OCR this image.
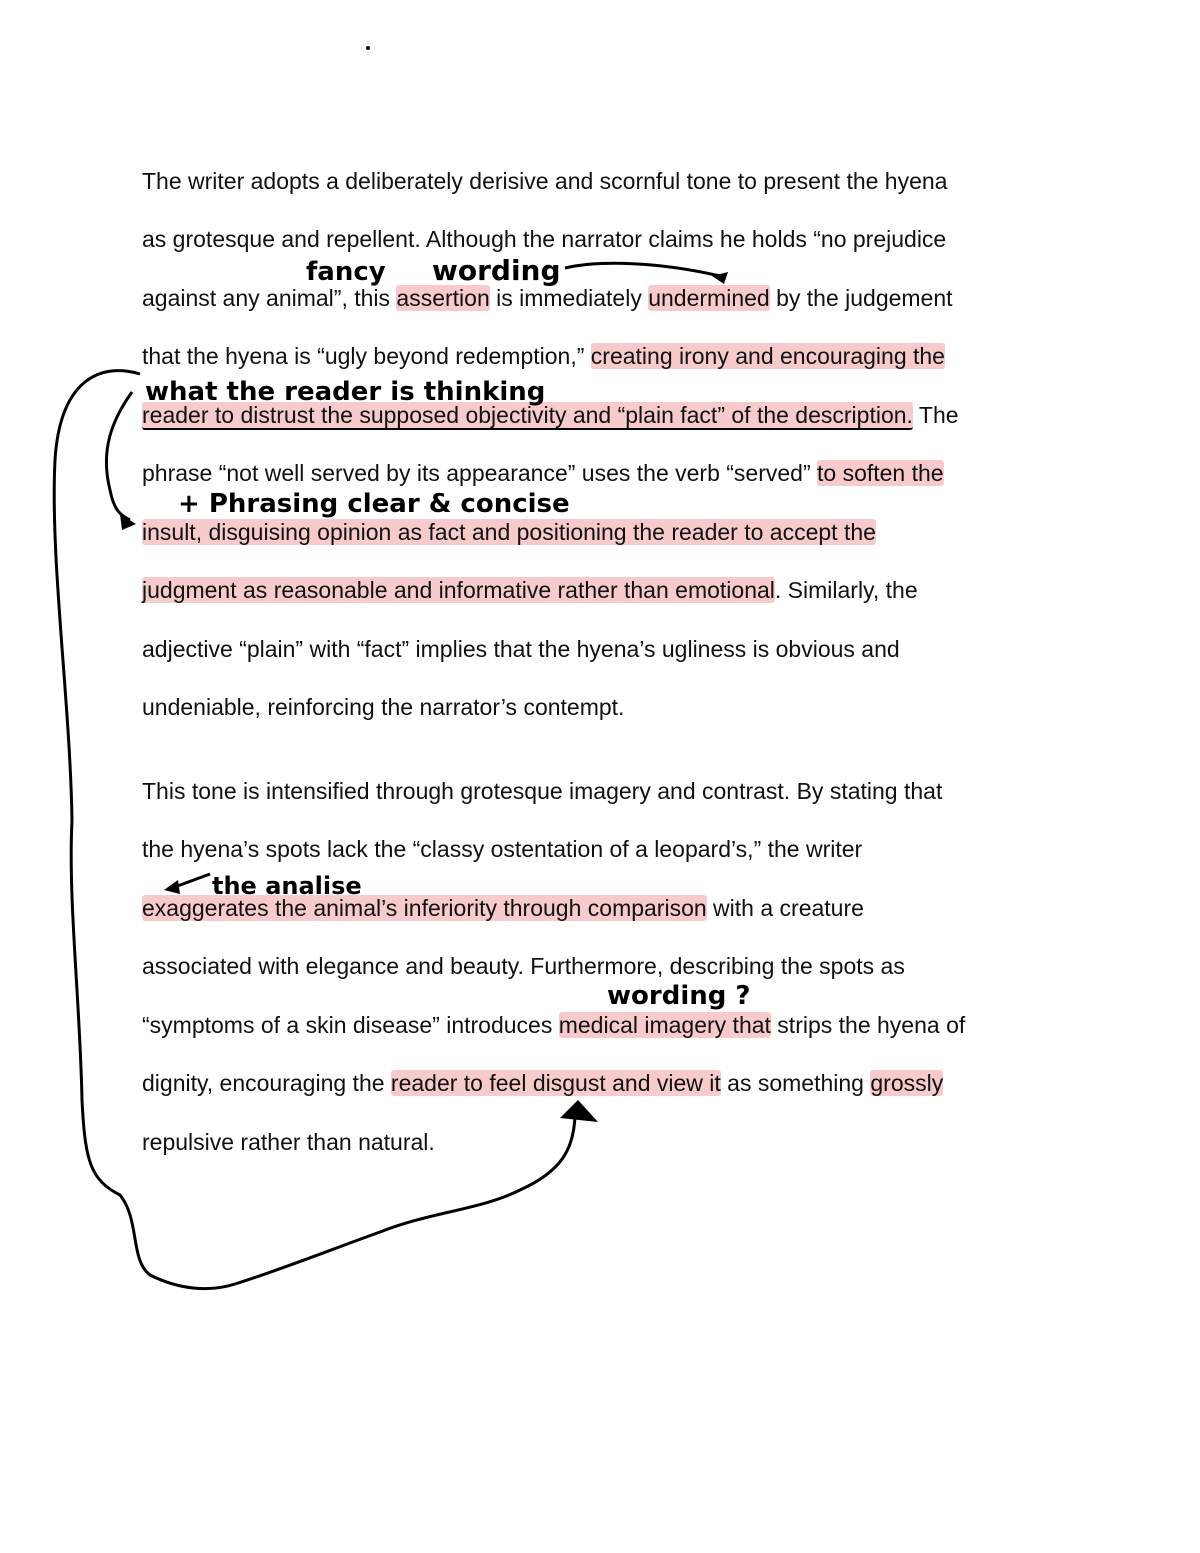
The writer adopts a deliberately derisive and scornful tone to present the hyena

as grotesque and repellent. Although the narrator claims he holds “no prejudice

against any animal”, this assertion is immediately undermined by the judgement

that the hyena is “ugly beyond redemption,” creating irony and encouraging the

reader to distrust the supposed objectivity and “plain fact” of the description. The

phrase “not well served by its appearance” uses the verb “served” to soften the

insult, disguising opinion as fact and positioning the reader to accept the

judgment as reasonable and informative rather than emotional. Similarly, the

adjective “plain” with “fact” implies that the hyena’s ugliness is obvious and

undeniable, reinforcing the narrator’s contempt.

This tone is intensified through grotesque imagery and contrast. By stating that

the hyena’s spots lack the “classy ostentation of a leopard’s,” the writer

exaggerates the animal’s inferiority through comparison with a creature

associated with elegance and beauty. Furthermore, describing the spots as

“symptoms of a skin disease” introduces medical imagery that strips the hyena of

dignity, encouraging the reader to feel disgust and view it as something grossly

repulsive rather than natural.

fancy wording
what the reader is thinking
+ Phrasing clear & concise
the analise
wording ?
